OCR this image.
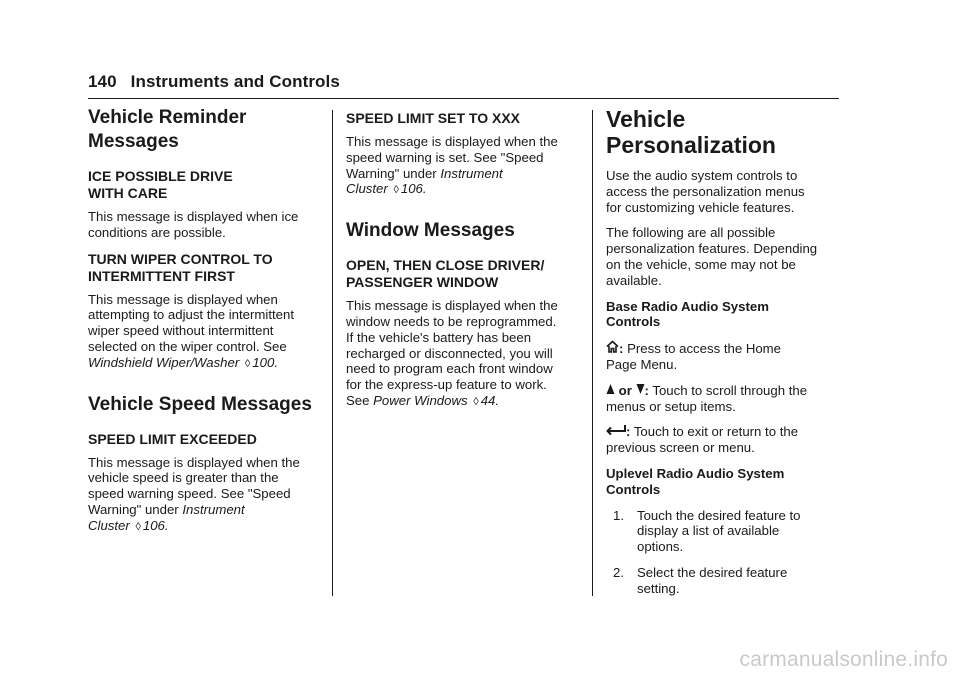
140 Instruments and Controls
Vehicle Reminder
Messages
ICE POSSIBLE DRIVE
WITH CARE

This message is displayed when ice
conditions are possible.

TURN WIPER CONTROL TO
INTERMITTENT FIRST

This message is displayed when
attempting to adjust the intermittent
wiper speed without intermittent
selected on the wiper control. See
Windshield Wiper/Washer ◊ 100.

Vehicle Speed Messages
SPEED LIMIT EXCEEDED

This message is displayed when the
vehicle speed is greater than the
speed warning speed. See "Speed
Warning" under Instrument
Cluster ◊ 106.

SPEED LIMIT SET TO XXX

This message is displayed when the
speed warning is set. See "Speed
Warning" under Instrument
Cluster ◊ 106.

Window Messages
OPEN, THEN CLOSE DRIVER/
PASSENGER WINDOW

This message is displayed when the
window needs to be reprogrammed.
If the vehicle's battery has been
recharged or disconnected, you will
need to program each front window
for the express-up feature to work.
See Power Windows ◊ 44.

Vehicle
Personalization

Use the audio system controls to
access the personalization menus
for customizing vehicle features.

The following are all possible
personalization features. Depending
on the vehicle, some may not be
available.

Base Radio Audio System
Controls

: Press to access the Home
Page Menu.

or : Touch to scroll through the
menus or setup items.

: Touch to exit or return to the
previous screen or menu.

Uplevel Radio Audio System
Controls

1. Touch the desired feature to
display a list of available
options.
2. Select the desired feature
setting.
carmanualsonline.info
